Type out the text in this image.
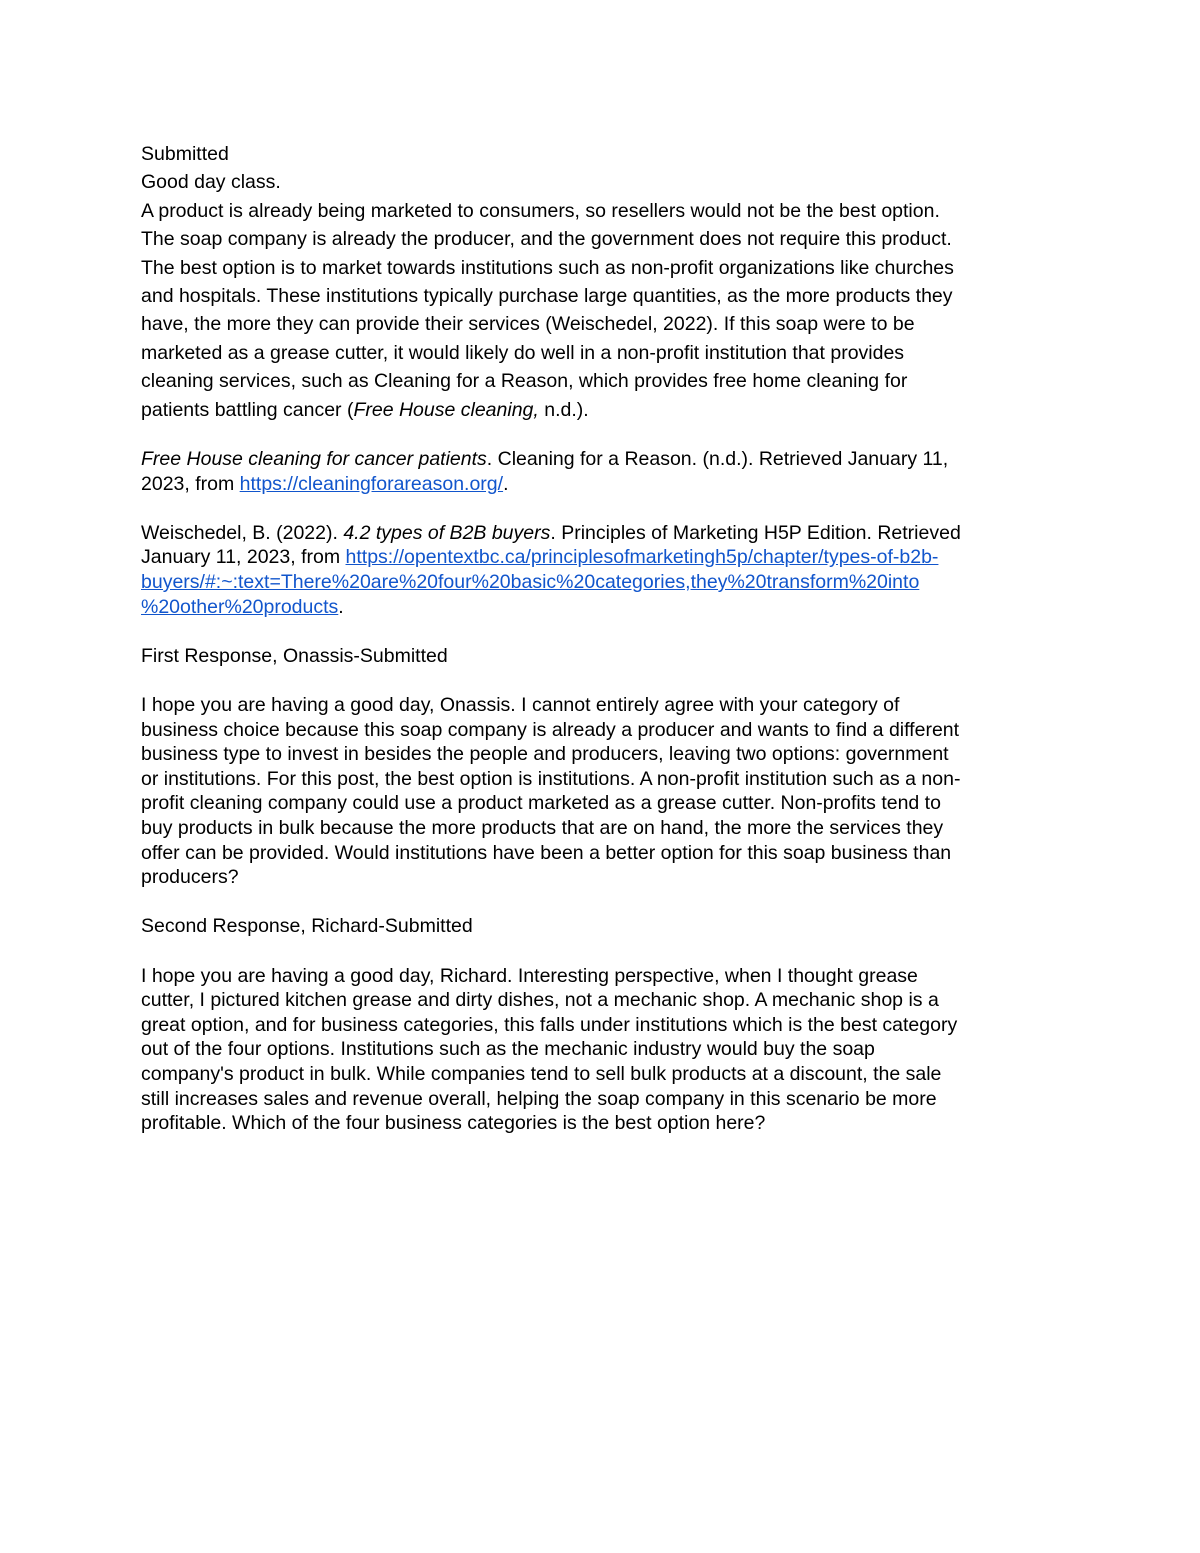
Submitted
Good day class.
A product is already being marketed to consumers, so resellers would not be the best option.
The soap company is already the producer, and the government does not require this product.
The best option is to market towards institutions such as non-profit organizations like churches
and hospitals. These institutions typically purchase large quantities, as the more products they
have, the more they can provide their services (Weischedel, 2022). If this soap were to be
marketed as a grease cutter, it would likely do well in a non-profit institution that provides
cleaning services, such as Cleaning for a Reason, which provides free home cleaning for
patients battling cancer (Free House cleaning, n.d.).
Free House cleaning for cancer patients. Cleaning for a Reason. (n.d.). Retrieved January 11,
2023, from https://cleaningforareason.org/.
Weischedel, B. (2022). 4.2 types of B2B buyers. Principles of Marketing H5P Edition. Retrieved
January 11, 2023, from https://opentextbc.ca/principlesofmarketingh5p/chapter/types-of-b2b-
buyers/#:~:text=There%20are%20four%20basic%20categories,they%20transform%20into
%20other%20products.
First Response, Onassis-Submitted
I hope you are having a good day, Onassis. I cannot entirely agree with your category of
business choice because this soap company is already a producer and wants to find a different
business type to invest in besides the people and producers, leaving two options: government
or institutions. For this post, the best option is institutions. A non-profit institution such as a non-
profit cleaning company could use a product marketed as a grease cutter. Non-profits tend to
buy products in bulk because the more products that are on hand, the more the services they
offer can be provided. Would institutions have been a better option for this soap business than
producers?
Second Response, Richard-Submitted
I hope you are having a good day, Richard. Interesting perspective, when I thought grease
cutter, I pictured kitchen grease and dirty dishes, not a mechanic shop. A mechanic shop is a
great option, and for business categories, this falls under institutions which is the best category
out of the four options. Institutions such as the mechanic industry would buy the soap
company's product in bulk. While companies tend to sell bulk products at a discount, the sale
still increases sales and revenue overall, helping the soap company in this scenario be more
profitable. Which of the four business categories is the best option here?
